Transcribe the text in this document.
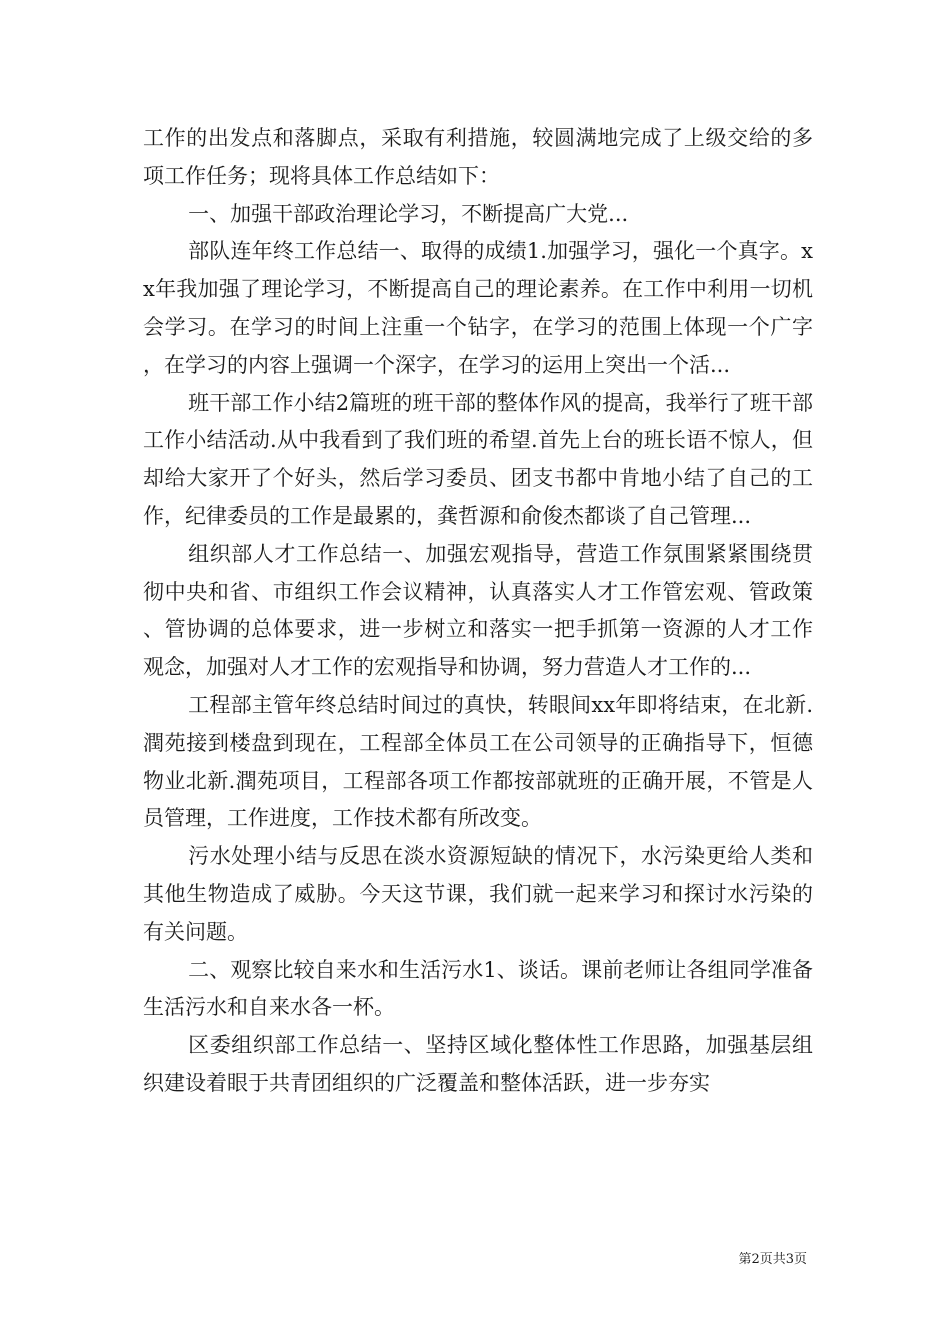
工作的出发点和落脚点，采取有利措施，较圆满地完成了上级交给的多项工作任务；现将具体工作总结如下：

一、加强干部政治理论学习，不断提高广大党...

部队连年终工作总结一、取得的成绩1.加强学习，强化一个真字。xx年我加强了理论学习，不断提高自己的理论素养。在工作中利用一切机会学习。在学习的时间上注重一个钻字，在学习的范围上体现一个广字，在学习的内容上强调一个深字，在学习的运用上突出一个活...

班干部工作小结2篇班的班干部的整体作风的提高，我举行了班干部工作小结活动.从中我看到了我们班的希望.首先上台的班长语不惊人，但却给大家开了个好头，然后学习委员、团支书都中肯地小结了自己的工作，纪律委员的工作是最累的，龚哲源和俞俊杰都谈了自己管理...

组织部人才工作总结一、加强宏观指导，营造工作氛围紧紧围绕贯彻中央和省、市组织工作会议精神，认真落实人才工作管宏观、管政策、管协调的总体要求，进一步树立和落实一把手抓第一资源的人才工作观念，加强对人才工作的宏观指导和协调，努力营造人才工作的...

工程部主管年终总结时间过的真快，转眼间xx年即将结束，在北新.潤苑接到楼盘到现在，工程部全体员工在公司领导的正确指导下，恒德物业北新.潤苑项目，工程部各项工作都按部就班的正确开展，不管是人员管理，工作进度，工作技术都有所改变。

污水处理小结与反思在淡水资源短缺的情况下，水污染更给人类和其他生物造成了威胁。今天这节课，我们就一起来学习和探讨水污染的有关问题。

二、观察比较自来水和生活污水1、谈话。课前老师让各组同学准备生活污水和自来水各一杯。

区委组织部工作总结一、坚持区域化整体性工作思路，加强基层组织建设着眼于共青团组织的广泛覆盖和整体活跃，进一步夯实

第2页共3页
